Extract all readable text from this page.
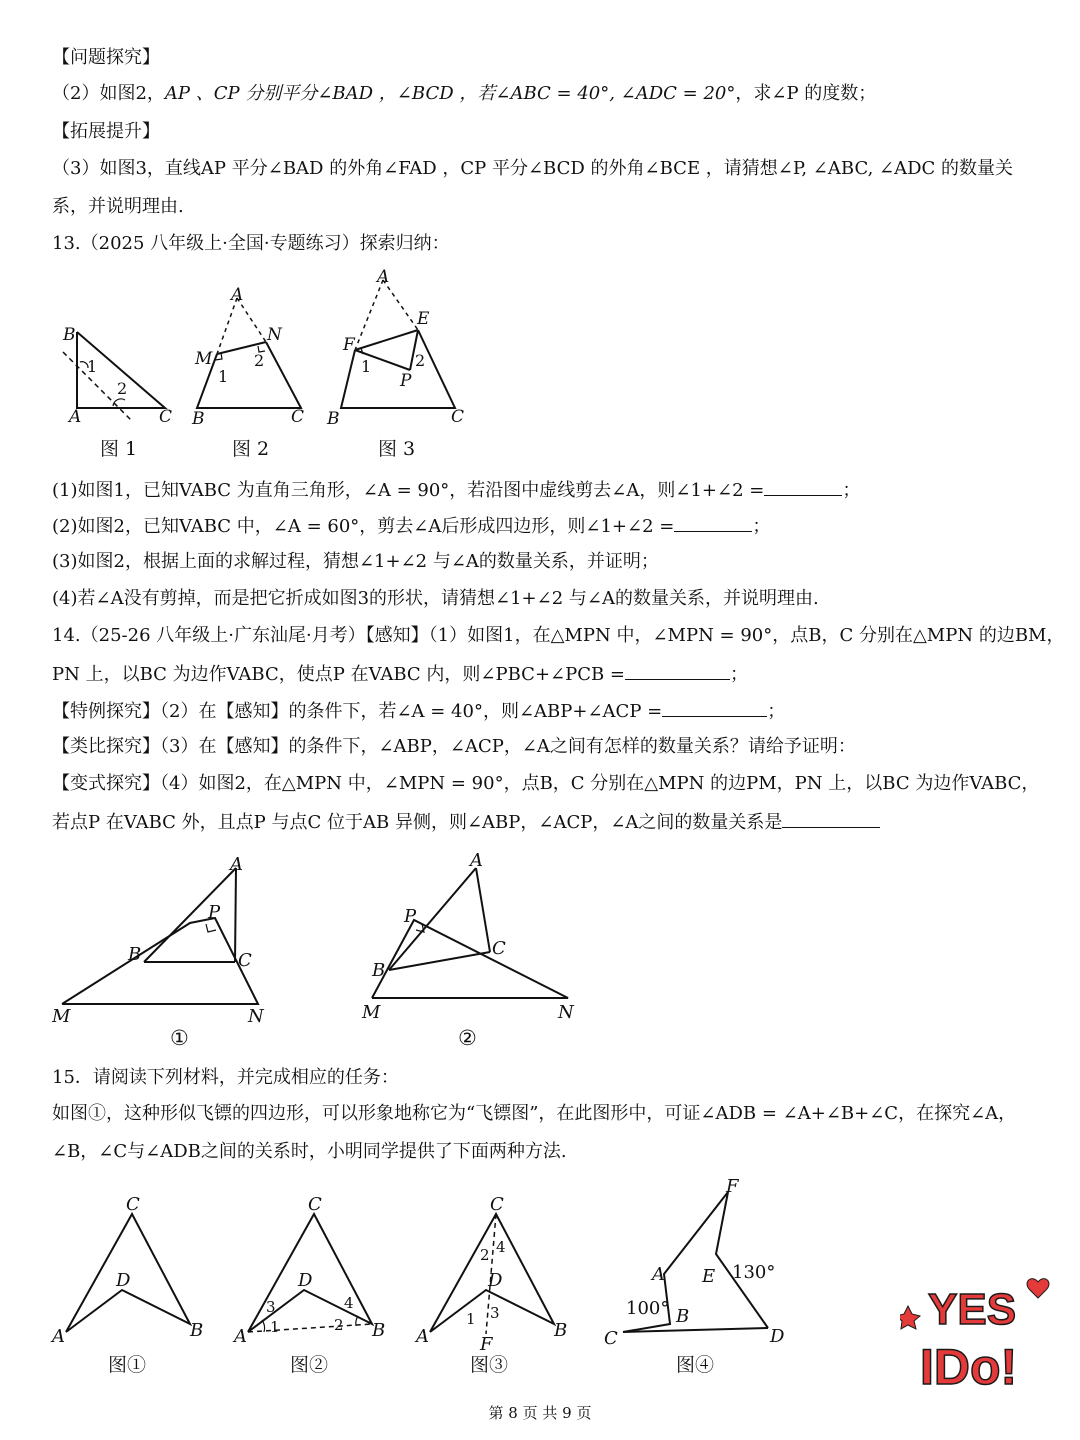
【问题探究】
（2）如图2，AP 、CP 分别平分∠BAD ，∠BCD ，若∠ABC = 40°, ∠ADC = 20°，求∠P 的度数；
【拓展提升】
（3）如图3，直线AP 平分∠BAD 的外角∠FAD ，CP 平分∠BCD 的外角∠BCE ，请猜想∠P, ∠ABC, ∠ADC 的数量关
系，并说明理由.
13.（2025 八年级上·全国·专题练习）探索归纳：
B
A	C
1
2
A
N
M
1
2
B	C
A
E
F
1	2
P
B	C
图 1	图 2	图 3
(1)如图1，已知VABC 为直角三角形，∠A = 90°，若沿图中虚线剪去∠A，则∠1+∠2 =	；
(2)如图2，已知VABC 中，∠A = 60°，剪去∠A后形成四边形，则∠1+∠2 =	；
(3)如图2，根据上面的求解过程，猜想∠1+∠2 与∠A的数量关系，并证明；
(4)若∠A没有剪掉，而是把它折成如图3的形状，请猜想∠1+∠2 与∠A的数量关系，并说明理由.
14.（25-26 八年级上·广东汕尾·月考）【感知】（1）如图1，在△MPN 中，∠MPN = 90°，点B，C 分别在△MPN 的边BM，
PN 上，以BC 为边作VABC，使点P 在VABC 内，则∠PBC+∠PCB =	；
【特例探究】（2）在【感知】的条件下，若∠A = 40°，则∠ABP+∠ACP =	；
【类比探究】（3）在【感知】的条件下，∠ABP，∠ACP，∠A之间有怎样的数量关系？请给予证明：
【变式探究】（4）如图2，在△MPN 中，∠MPN = 90°，点B，C 分别在△MPN 的边PM，PN 上，以BC 为边作VABC，
若点P 在VABC 外，且点P 与点C 位于AB 异侧，则∠ABP，∠ACP，∠A之间的数量关系是
A
P
B	C
M	N
A
P
C
B
M	N
①	②
15．请阅读下列材料，并完成相应的任务：
如图①，这种形似飞镖的四边形，可以形象地称它为“飞镖图”，在此图形中，可证∠ADB = ∠A+∠B+∠C，在探究∠A，
∠B，∠C与∠ADB之间的关系时，小明同学提供了下面两种方法.
C
D
A	B
C
D
A	B
3
1
4
2
C
D
A	B
F
2 4
1 3
F
A E 130°
100° B
C	D
图①	图②	图③	图④
YES
IDo!
第 8 页 共 9 页
